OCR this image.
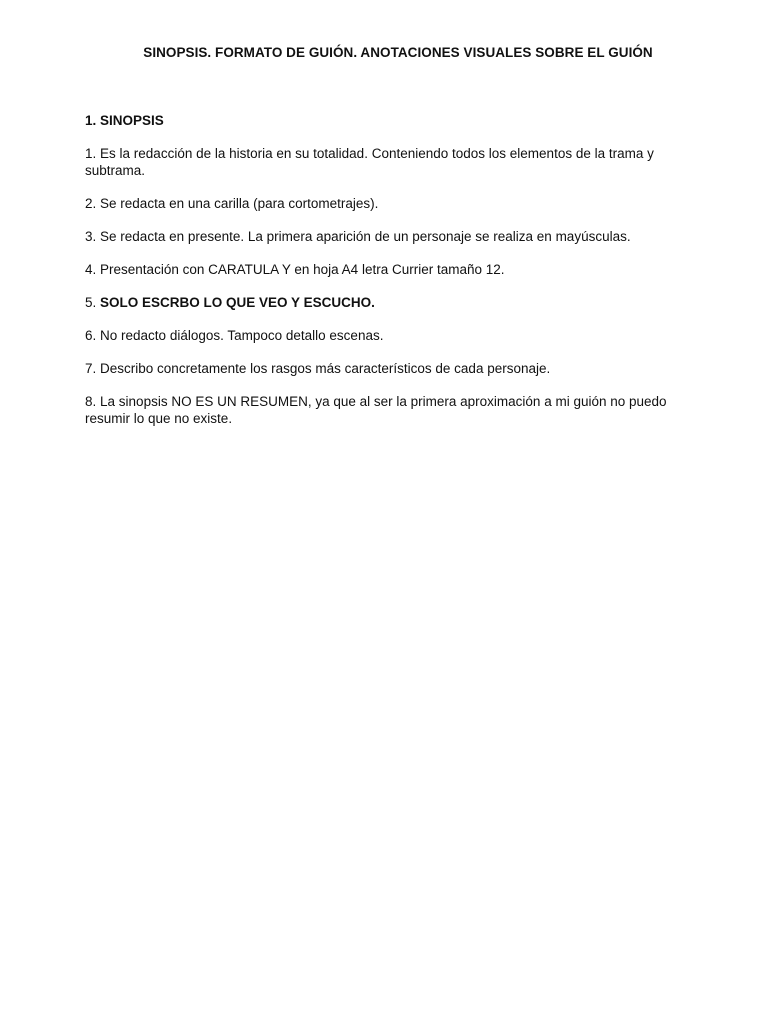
SINOPSIS. FORMATO DE GUIÓN. ANOTACIONES VISUALES SOBRE EL GUIÓN

1. SINOPSIS

1. Es la redacción de la historia en su totalidad. Conteniendo todos los elementos de la trama y subtrama.

2. Se redacta en una carilla (para cortometrajes).

3. Se redacta en presente. La primera aparición de un personaje se realiza en mayúsculas.

4. Presentación con CARATULA Y en hoja A4 letra Currier tamaño 12.

5. SOLO ESCRBO LO QUE VEO Y ESCUCHO.

6. No redacto diálogos. Tampoco detallo escenas.

7. Describo concretamente los rasgos más característicos de cada personaje.

8. La sinopsis NO ES UN RESUMEN, ya que al ser la primera aproximación a mi guión no puedo resumir lo que no existe.
